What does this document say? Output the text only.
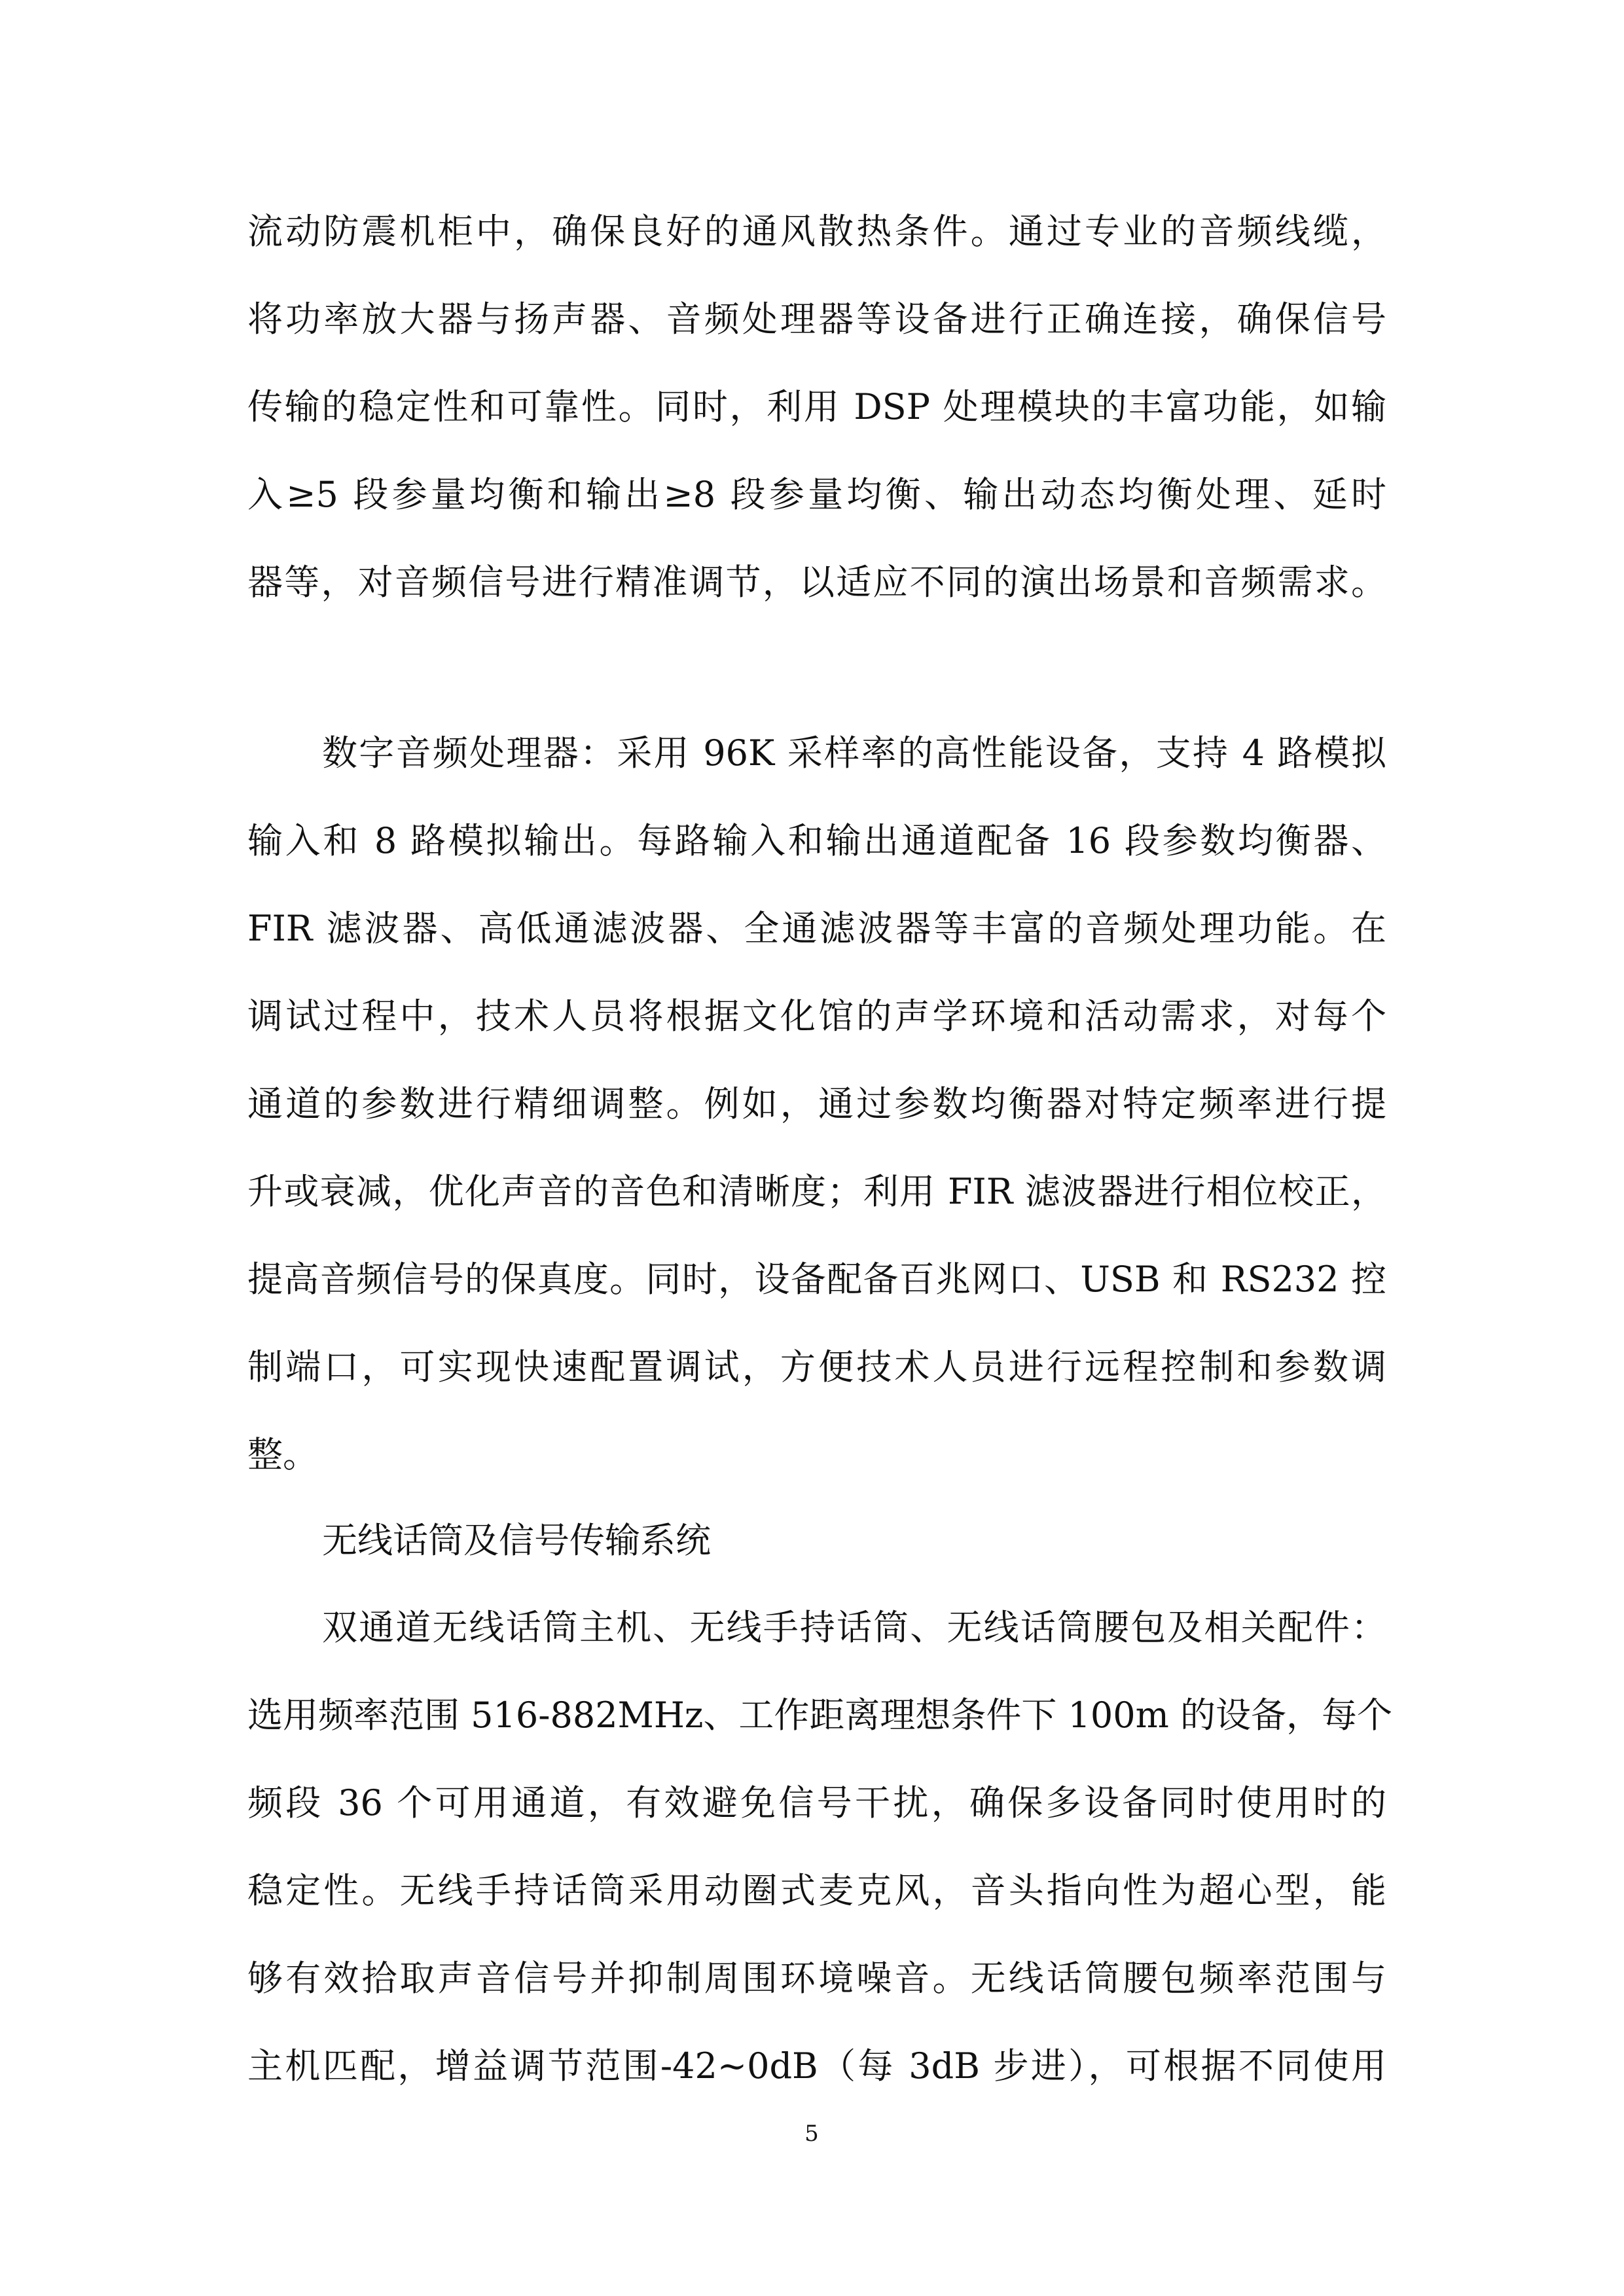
流动防震机柜中，确保良好的通风散热条件。通过专业的音频线缆，
将功率放大器与扬声器、音频处理器等设备进行正确连接，确保信号
传输的稳定性和可靠性。同时，利用 DSP 处理模块的丰富功能，如输
入≥5 段参量均衡和输出≥8 段参量均衡、输出动态均衡处理、延时
器等，对音频信号进行精准调节，以适应不同的演出场景和音频需求。
数字音频处理器：采用 96K 采样率的高性能设备，支持 4 路模拟
输入和 8 路模拟输出。每路输入和输出通道配备 16 段参数均衡器、
FIR 滤波器、高低通滤波器、全通滤波器等丰富的音频处理功能。在
调试过程中，技术人员将根据文化馆的声学环境和活动需求，对每个
通道的参数进行精细调整。例如，通过参数均衡器对特定频率进行提
升或衰减，优化声音的音色和清晰度；利用 FIR 滤波器进行相位校正，
提高音频信号的保真度。同时，设备配备百兆网口、USB 和 RS232 控
制端口，可实现快速配置调试，方便技术人员进行远程控制和参数调
整。
无线话筒及信号传输系统
双通道无线话筒主机、无线手持话筒、无线话筒腰包及相关配件：
选用频率范围 516-882MHz、工作距离理想条件下 100m 的设备，每个
频段 36 个可用通道，有效避免信号干扰，确保多设备同时使用时的
稳定性。无线手持话筒采用动圈式麦克风，音头指向性为超心型，能
够有效拾取声音信号并抑制周围环境噪音。无线话筒腰包频率范围与
主机匹配，增益调节范围-42~0dB（每 3dB 步进），可根据不同使用
5
